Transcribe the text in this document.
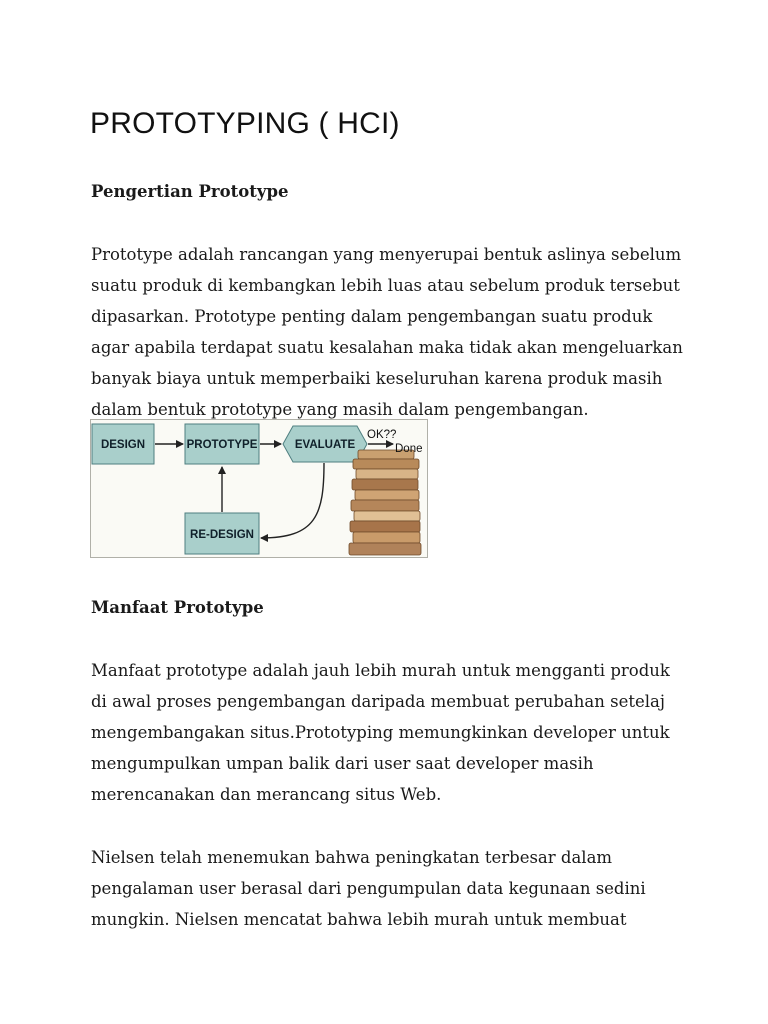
PROTOTYPING ( HCI)
Pengertian Prototype

Prototype adalah rancangan yang menyerupai bentuk aslinya sebelum
suatu produk di kembangkan lebih luas atau sebelum produk tersebut
dipasarkan. Prototype penting dalam pengembangan suatu produk
agar apabila terdapat suatu kesalahan maka tidak akan mengeluarkan
banyak biaya untuk memperbaiki keseluruhan karena produk masih
dalam bentuk prototype yang masih dalam pengembangan.

DESIGN	PROTOTYPE	EVALUATE
OK??
Done
RE-DESIGN
Manfaat Prototype

Manfaat prototype adalah jauh lebih murah untuk mengganti produk
di awal proses pengembangan daripada membuat perubahan setelaj
mengembangakan situs.Prototyping memungkinkan developer untuk
mengumpulkan umpan balik dari user saat developer masih
merencanakan dan merancang situs Web.

Nielsen telah menemukan bahwa peningkatan terbesar dalam
pengalaman user berasal dari pengumpulan data kegunaan sedini
mungkin. Nielsen mencatat bahwa lebih murah untuk membuat
